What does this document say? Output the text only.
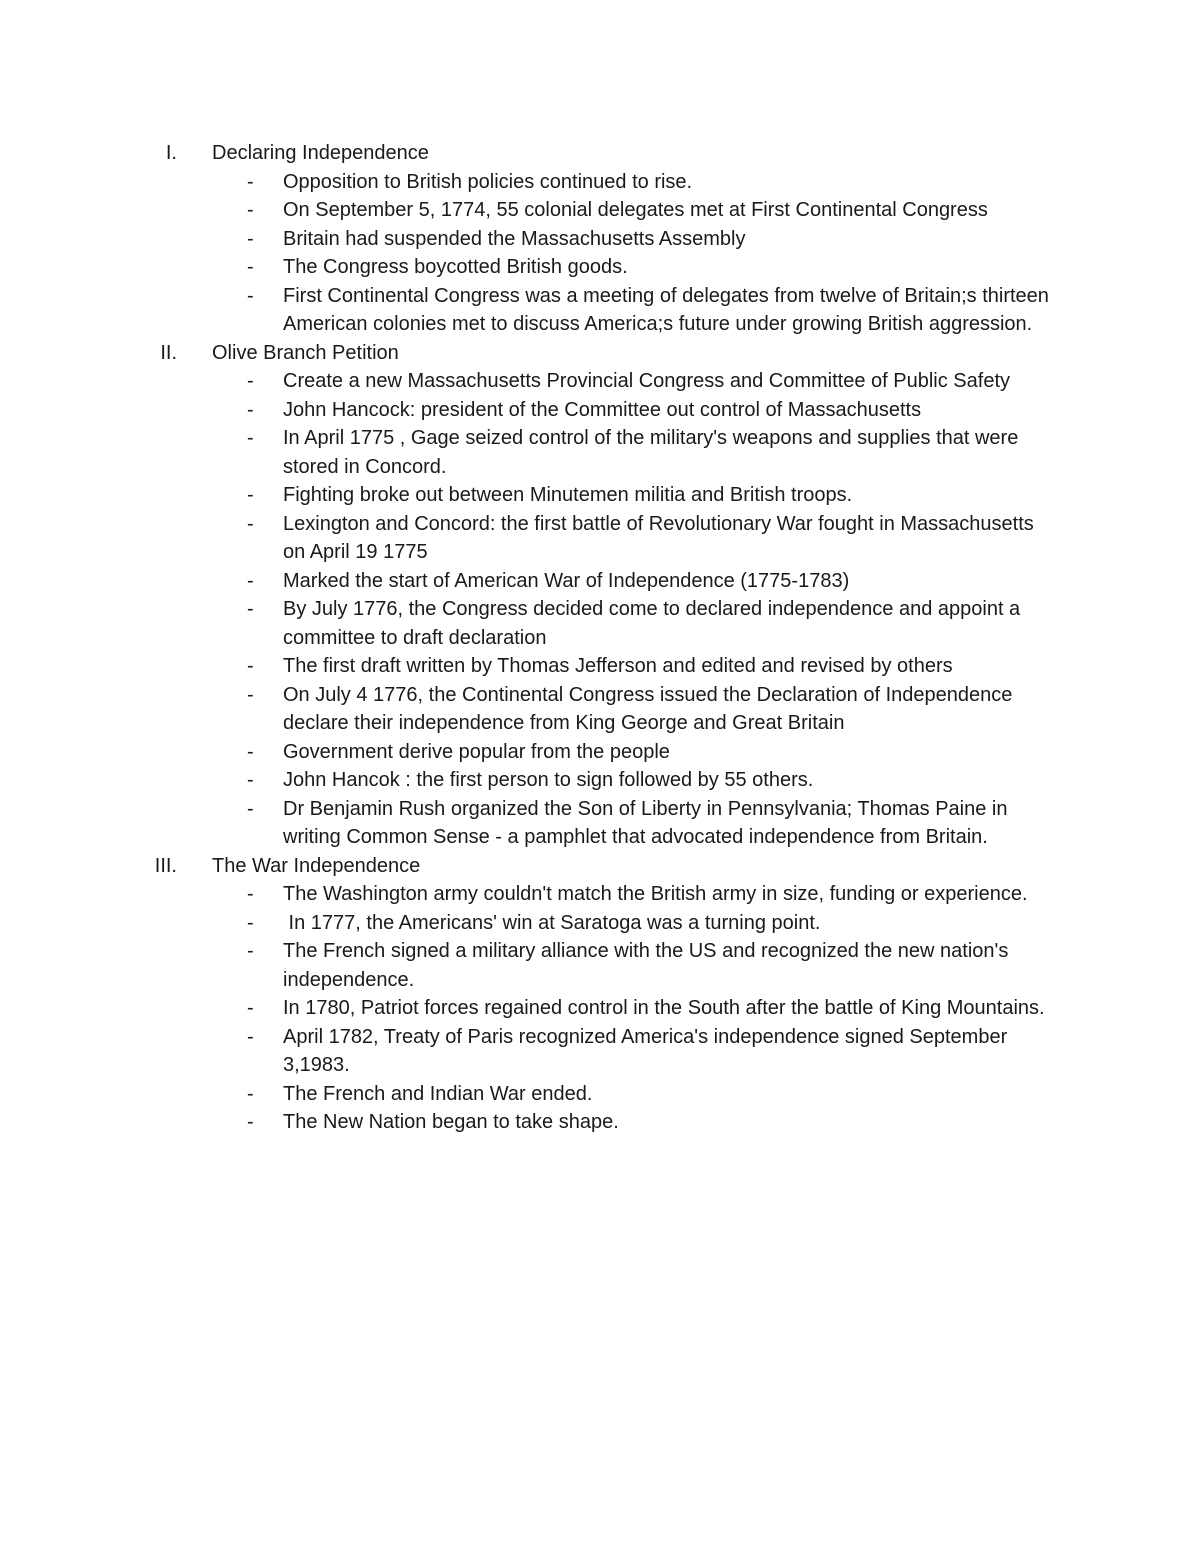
I. Declaring Independence
- Opposition to British policies continued to rise.
- On September 5, 1774, 55 colonial delegates met at First Continental Congress
- Britain had suspended the Massachusetts Assembly
- The Congress boycotted British goods.
- First Continental Congress was a meeting of delegates from twelve of Britain;s thirteen American colonies met to discuss America;s future under growing British aggression.
II. Olive Branch Petition
- Create a new Massachusetts Provincial Congress and Committee of Public Safety
- John Hancock: president of the Committee out control of Massachusetts
- In April 1775 , Gage seized control of the military's weapons and supplies that were stored in Concord.
- Fighting broke out between Minutemen militia and British troops.
- Lexington and Concord: the first battle of Revolutionary War fought in Massachusetts on April 19 1775
- Marked the start of American War of Independence (1775-1783)
- By July 1776, the Congress decided come to declared independence and appoint a committee to draft declaration
- The first draft written by Thomas Jefferson and edited and revised by others
- On July 4 1776, the Continental Congress issued the Declaration of Independence declare their independence from King George and Great Britain
- Government derive popular from the people
- John Hancok : the first person to sign followed by 55 others.
- Dr Benjamin Rush organized the Son of Liberty in Pennsylvania; Thomas Paine in writing Common Sense - a pamphlet that advocated independence from Britain.
III. The War Independence
- The Washington army couldn't match the British army in size, funding or experience.
- In 1777, the Americans' win at Saratoga was a turning point.
- The French signed a military alliance with the US and recognized the new nation's independence.
- In 1780, Patriot forces regained control in the South after the battle of King Mountains.
- April 1782, Treaty of Paris recognized America's independence signed September 3,1983.
- The French and Indian War ended.
- The New Nation began to take shape.
